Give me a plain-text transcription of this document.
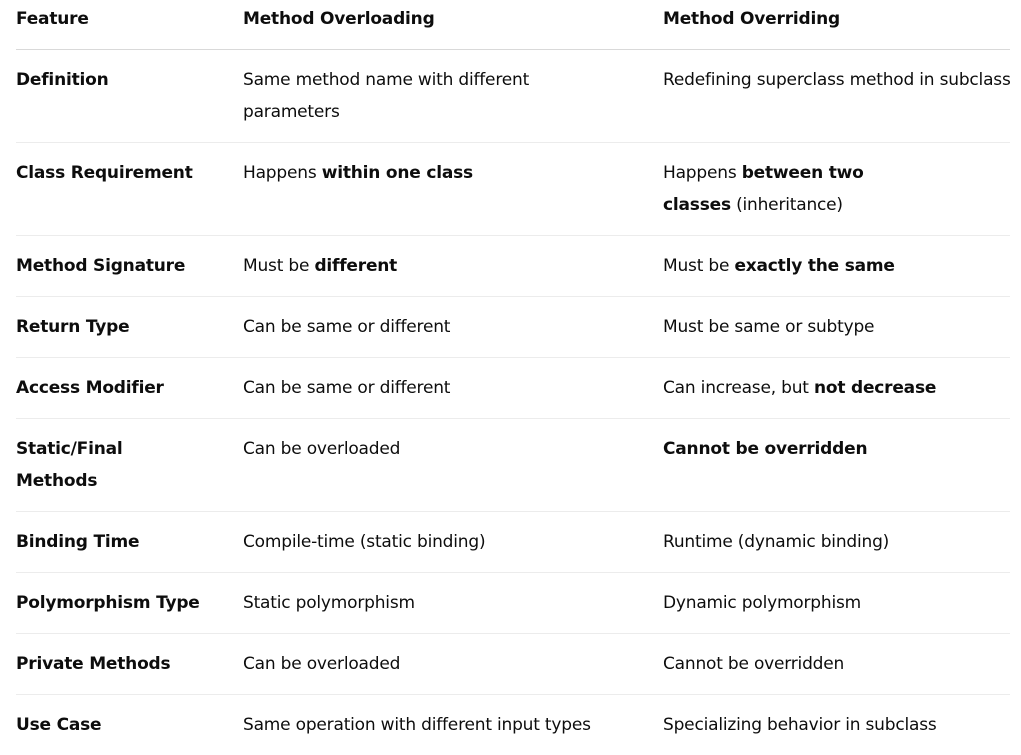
Feature	Method Overloading	Method Overriding
Definition	Same method name with different parameters	Redefining superclass method in subclass
Class Requirement	Happens within one class	Happens between two classes (inheritance)
Method Signature	Must be different	Must be exactly the same
Return Type	Can be same or different	Must be same or subtype
Access Modifier	Can be same or different	Can increase, but not decrease
Static/Final Methods	Can be overloaded	Cannot be overridden
Binding Time	Compile-time (static binding)	Runtime (dynamic binding)
Polymorphism Type	Static polymorphism	Dynamic polymorphism
Private Methods	Can be overloaded	Cannot be overridden
Use Case	Same operation with different input types	Specializing behavior in subclass
